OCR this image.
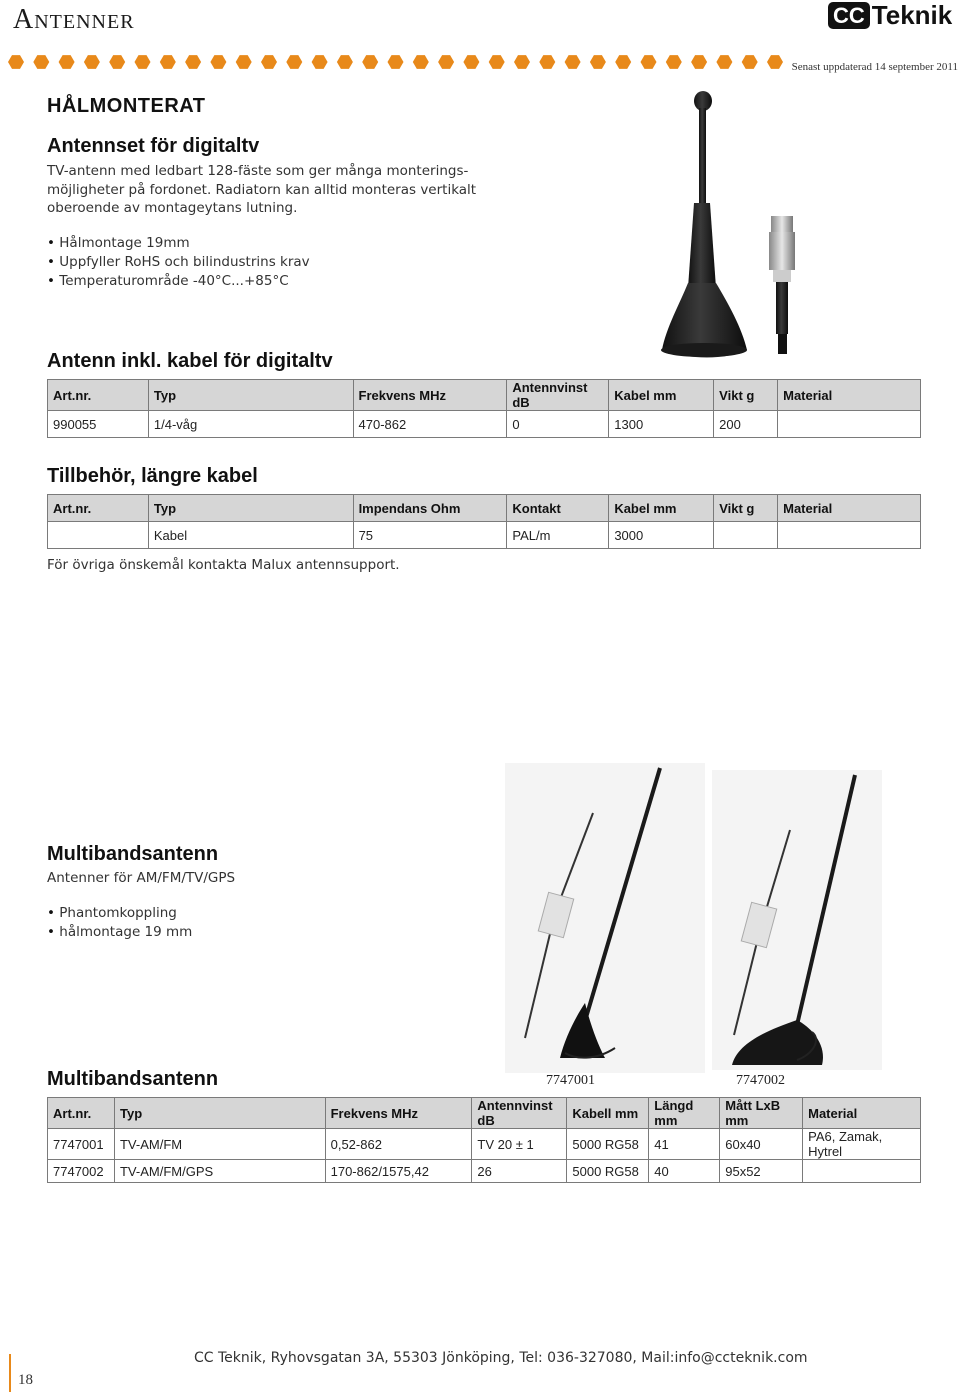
Antenner	CC Teknik
Senast uppdaterad 14 september 2011
HÅLMONTERAT
Antennset för digitaltv
TV-antenn med ledbart 128-fäste som ger många monterings-
möjligheter på fordonet. Radiatorn kan alltid monteras vertikalt
oberoende av montageytans lutning.
• Hålmontage 19mm
• Uppfyller RoHS och bilindustrins krav
• Temperaturområde -40°C...+85°C
Antenn inkl. kabel för digitaltv
Art.nr.	Typ	Frekvens MHz	Antennvinst dB	Kabel mm	Vikt g	Material
990055	1/4-våg	470-862	0	1300	200	
Tillbehör, längre kabel
Art.nr.	Typ	Impendans Ohm	Kontakt	Kabel mm	Vikt g	Material
	Kabel	75	PAL/m	3000		
För övriga önskemål kontakta Malux antennsupport.
Multibandsantenn
Antenner för AM/FM/TV/GPS
• Phantomkoppling
• hålmontage 19 mm
Multibandsantenn	7747001	7747002
Art.nr.	Typ	Frekvens MHz	Antennvinst dB	Kabell mm	Längd mm	Mått LxB mm	Material
7747001	TV-AM/FM	0,52-862	TV 20 ± 1	5000 RG58	41	60x40	PA6, Zamak, Hytrel
7747002	TV-AM/FM/GPS	170-862/1575,42	26	5000 RG58	40	95x52	
18
CC Teknik, Ryhovsgatan 3A, 55303 Jönköping, Tel: 036-327080, Mail:info@ccteknik.com
